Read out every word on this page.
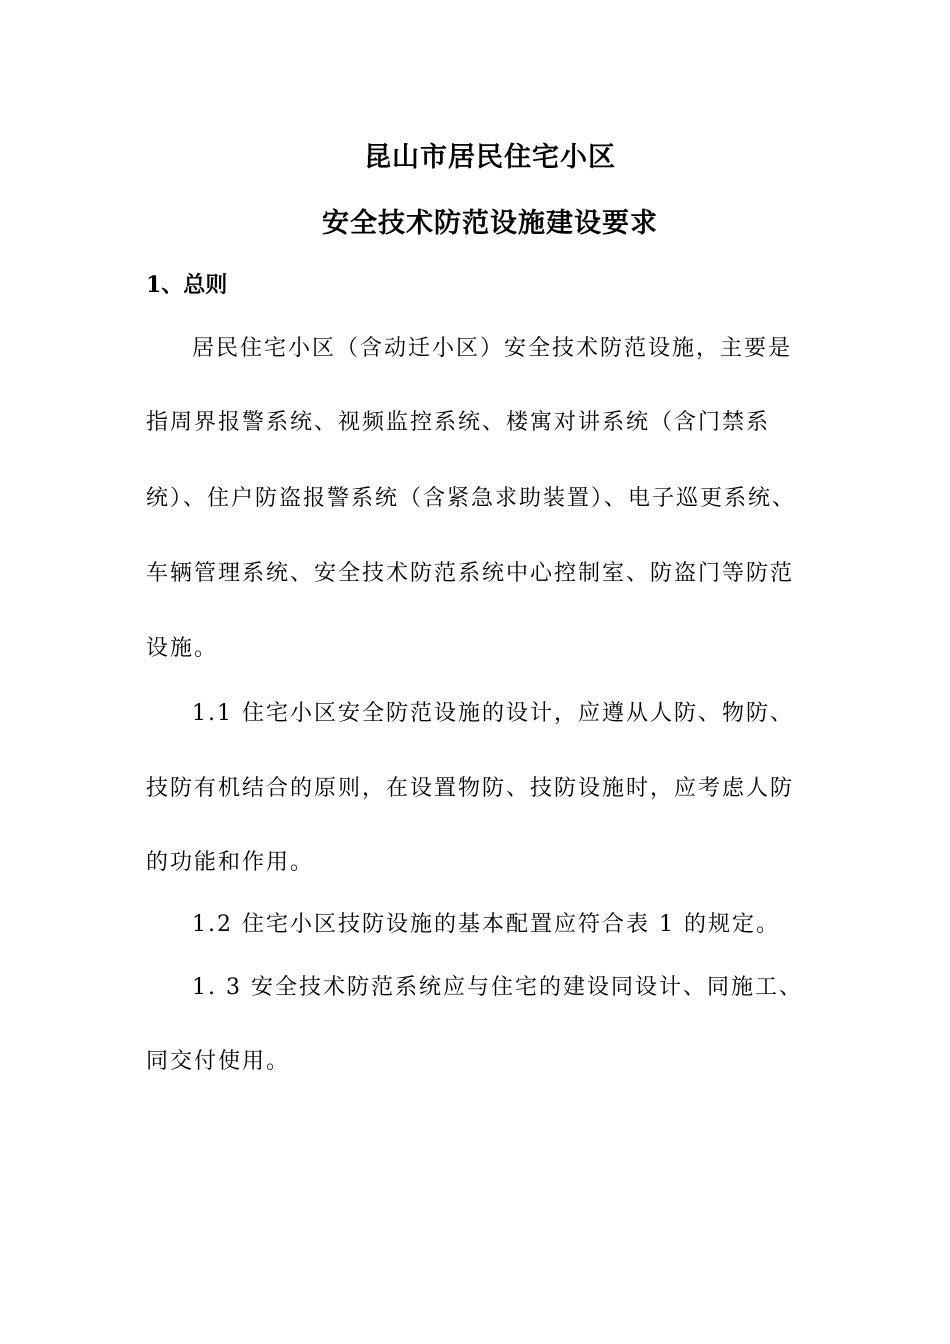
昆山市居民住宅小区
安全技术防范设施建设要求
1、总则
居民住宅小区（含动迁小区）安全技术防范设施，主要是
指周界报警系统、视频监控系统、楼寓对讲系统（含门禁系
统）、住户防盗报警系统（含紧急求助装置）、电子巡更系统、
车辆管理系统、安全技术防范系统中心控制室、防盗门等防范
设施。
1.1 住宅小区安全防范设施的设计，应遵从人防、物防、
技防有机结合的原则，在设置物防、技防设施时，应考虑人防
的功能和作用。
1.2 住宅小区技防设施的基本配置应符合表 1 的规定。
1. 3 安全技术防范系统应与住宅的建设同设计、同施工、
同交付使用。
